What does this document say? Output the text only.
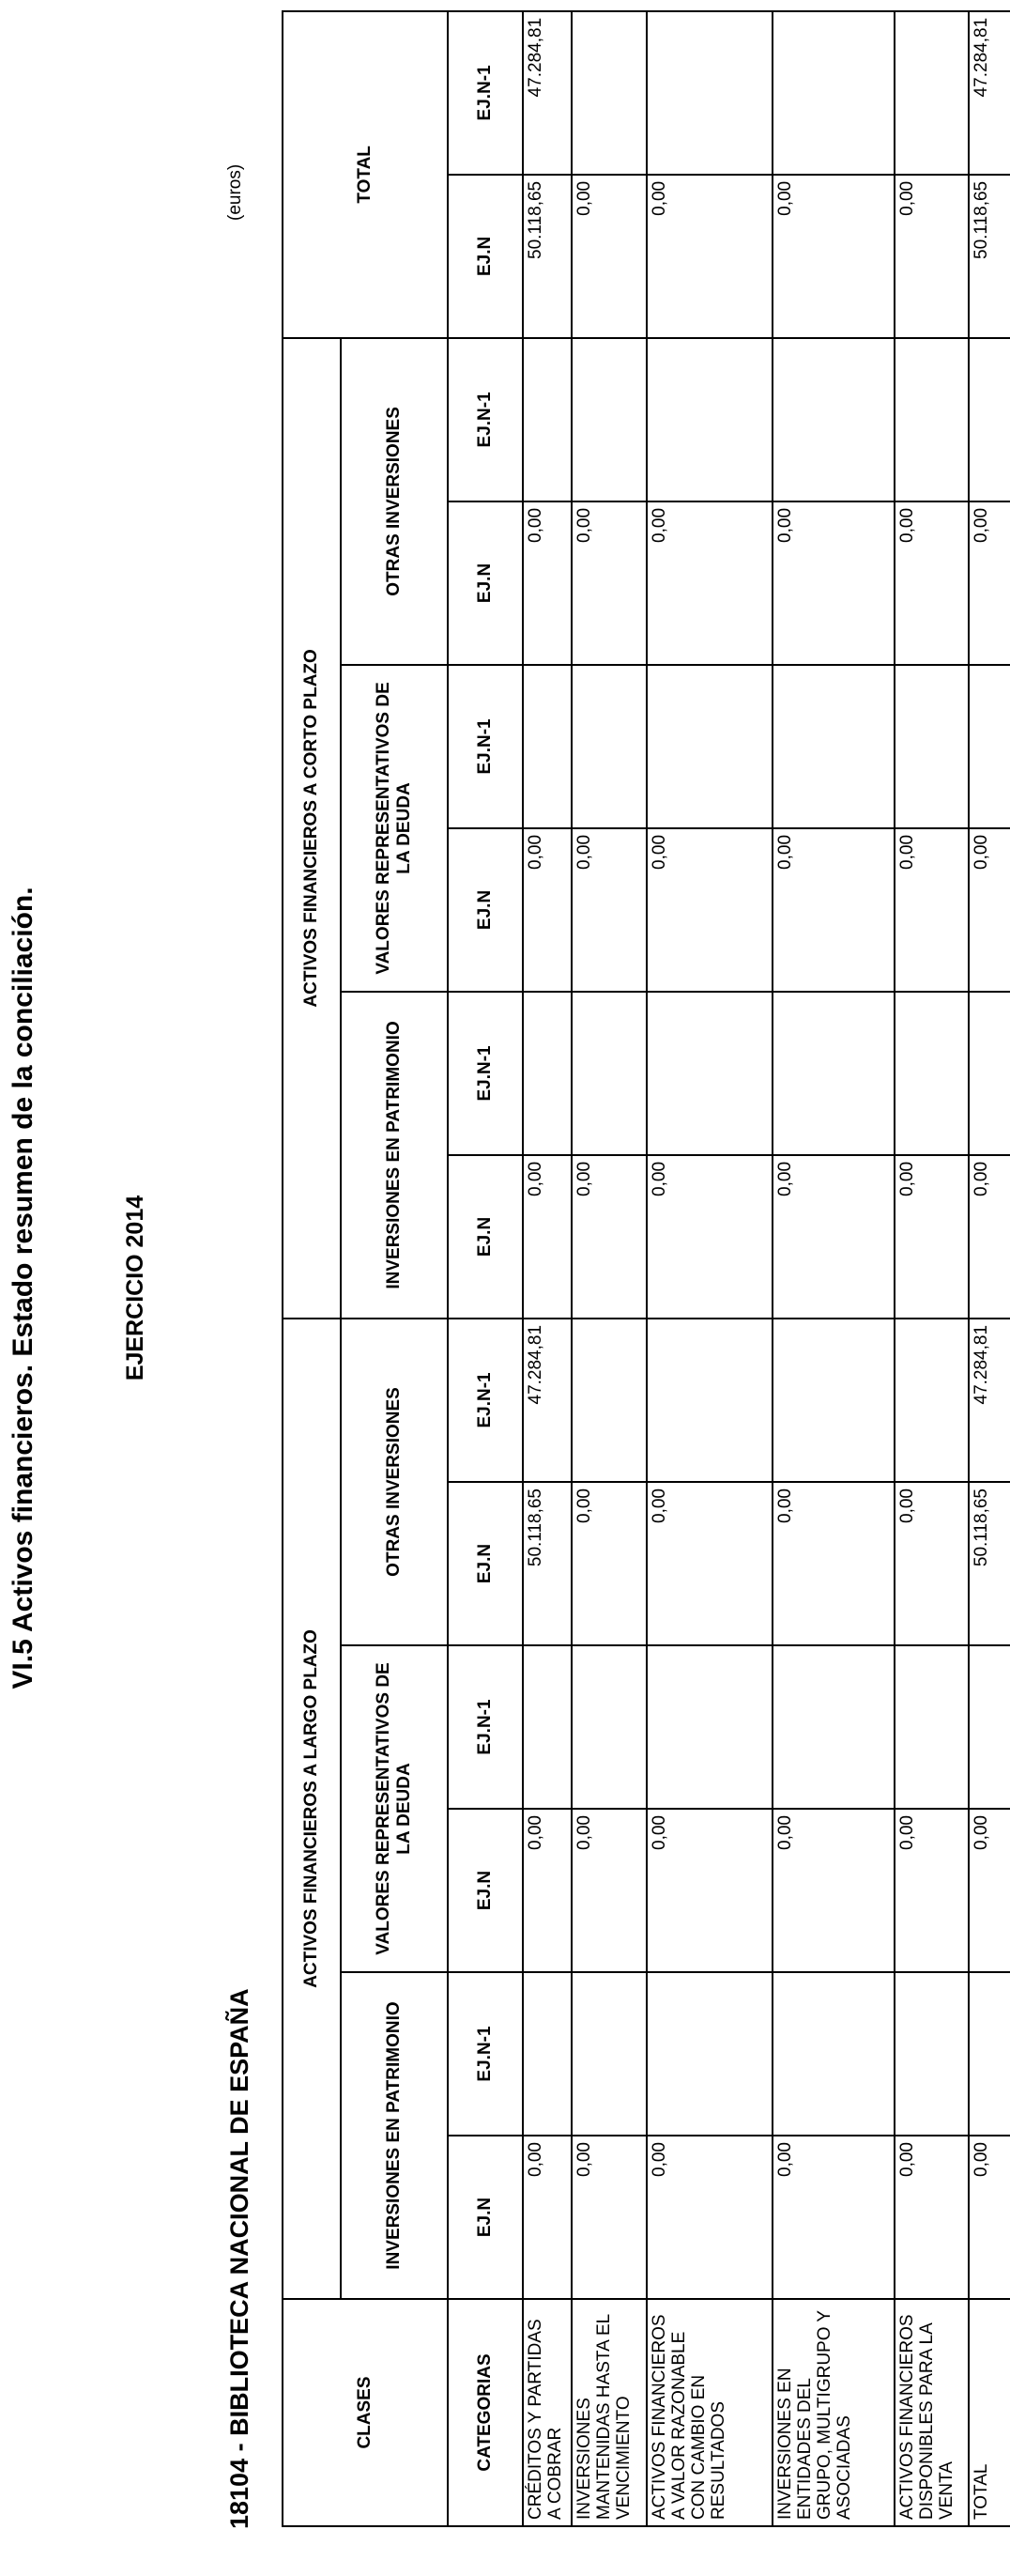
VI.5 Activos financieros. Estado resumen de la conciliación.	EJERCICIO 2014
18104 - BIBLIOTECA NACIONAL DE ESPAÑA
(euros)
CLASES	ACTIVOS FINANCIEROS A LARGO PLAZO						ACTIVOS FINANCIEROS A CORTO PLAZO						TOTAL	
	INVERSIONES EN PATRIMONIO		VALORES REPRESENTATIVOS DE LA DEUDA		OTRAS INVERSIONES		INVERSIONES EN PATRIMONIO		VALORES REPRESENTATIVOS DE LA DEUDA		OTRAS INVERSIONES			
CATEGORIAS	EJ.N	EJ.N-1	EJ.N	EJ.N-1	EJ.N	EJ.N-1	EJ.N	EJ.N-1	EJ.N	EJ.N-1	EJ.N	EJ.N-1	EJ.N	EJ.N-1
CRÉDITOS Y PARTIDAS A COBRAR	0,00		0,00		50.118,65	47.284,81	0,00		0,00		0,00		50.118,65	47.284,81
INVERSIONES MANTENIDAS HASTA EL VENCIMIENTO	0,00		0,00		0,00		0,00		0,00		0,00		0,00	
ACTIVOS FINANCIEROS A VALOR RAZONABLE CON CAMBIO EN RESULTADOS	0,00		0,00		0,00		0,00		0,00		0,00		0,00	
INVERSIONES EN ENTIDADES DEL GRUPO, MULTIGRUPO Y ASOCIADAS	0,00		0,00		0,00		0,00		0,00		0,00		0,00	
ACTIVOS FINANCIEROS DISPONIBLES PARA LA VENTA	0,00		0,00		0,00		0,00		0,00		0,00		0,00	
TOTAL	0,00		0,00		50.118,65	47.284,81	0,00		0,00		0,00		50.118,65	47.284,81
